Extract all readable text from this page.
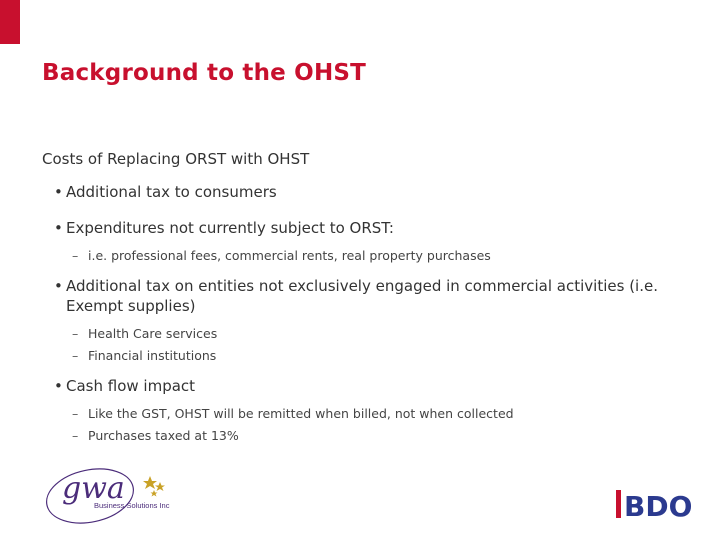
Background to the OHST
Costs of Replacing ORST with OHST
• Additional tax to consumers
• Expenditures not currently subject to ORST:
– i.e. professional fees, commercial rents, real property purchases
• Additional tax on entities not exclusively engaged in commercial activities (i.e. Exempt supplies)
– Health Care services
– Financial institutions
• Cash flow impact
– Like the GST, OHST will be remitted when billed, not when collected
– Purchases taxed at 13%
gwa
Business Solutions Inc	BDO
